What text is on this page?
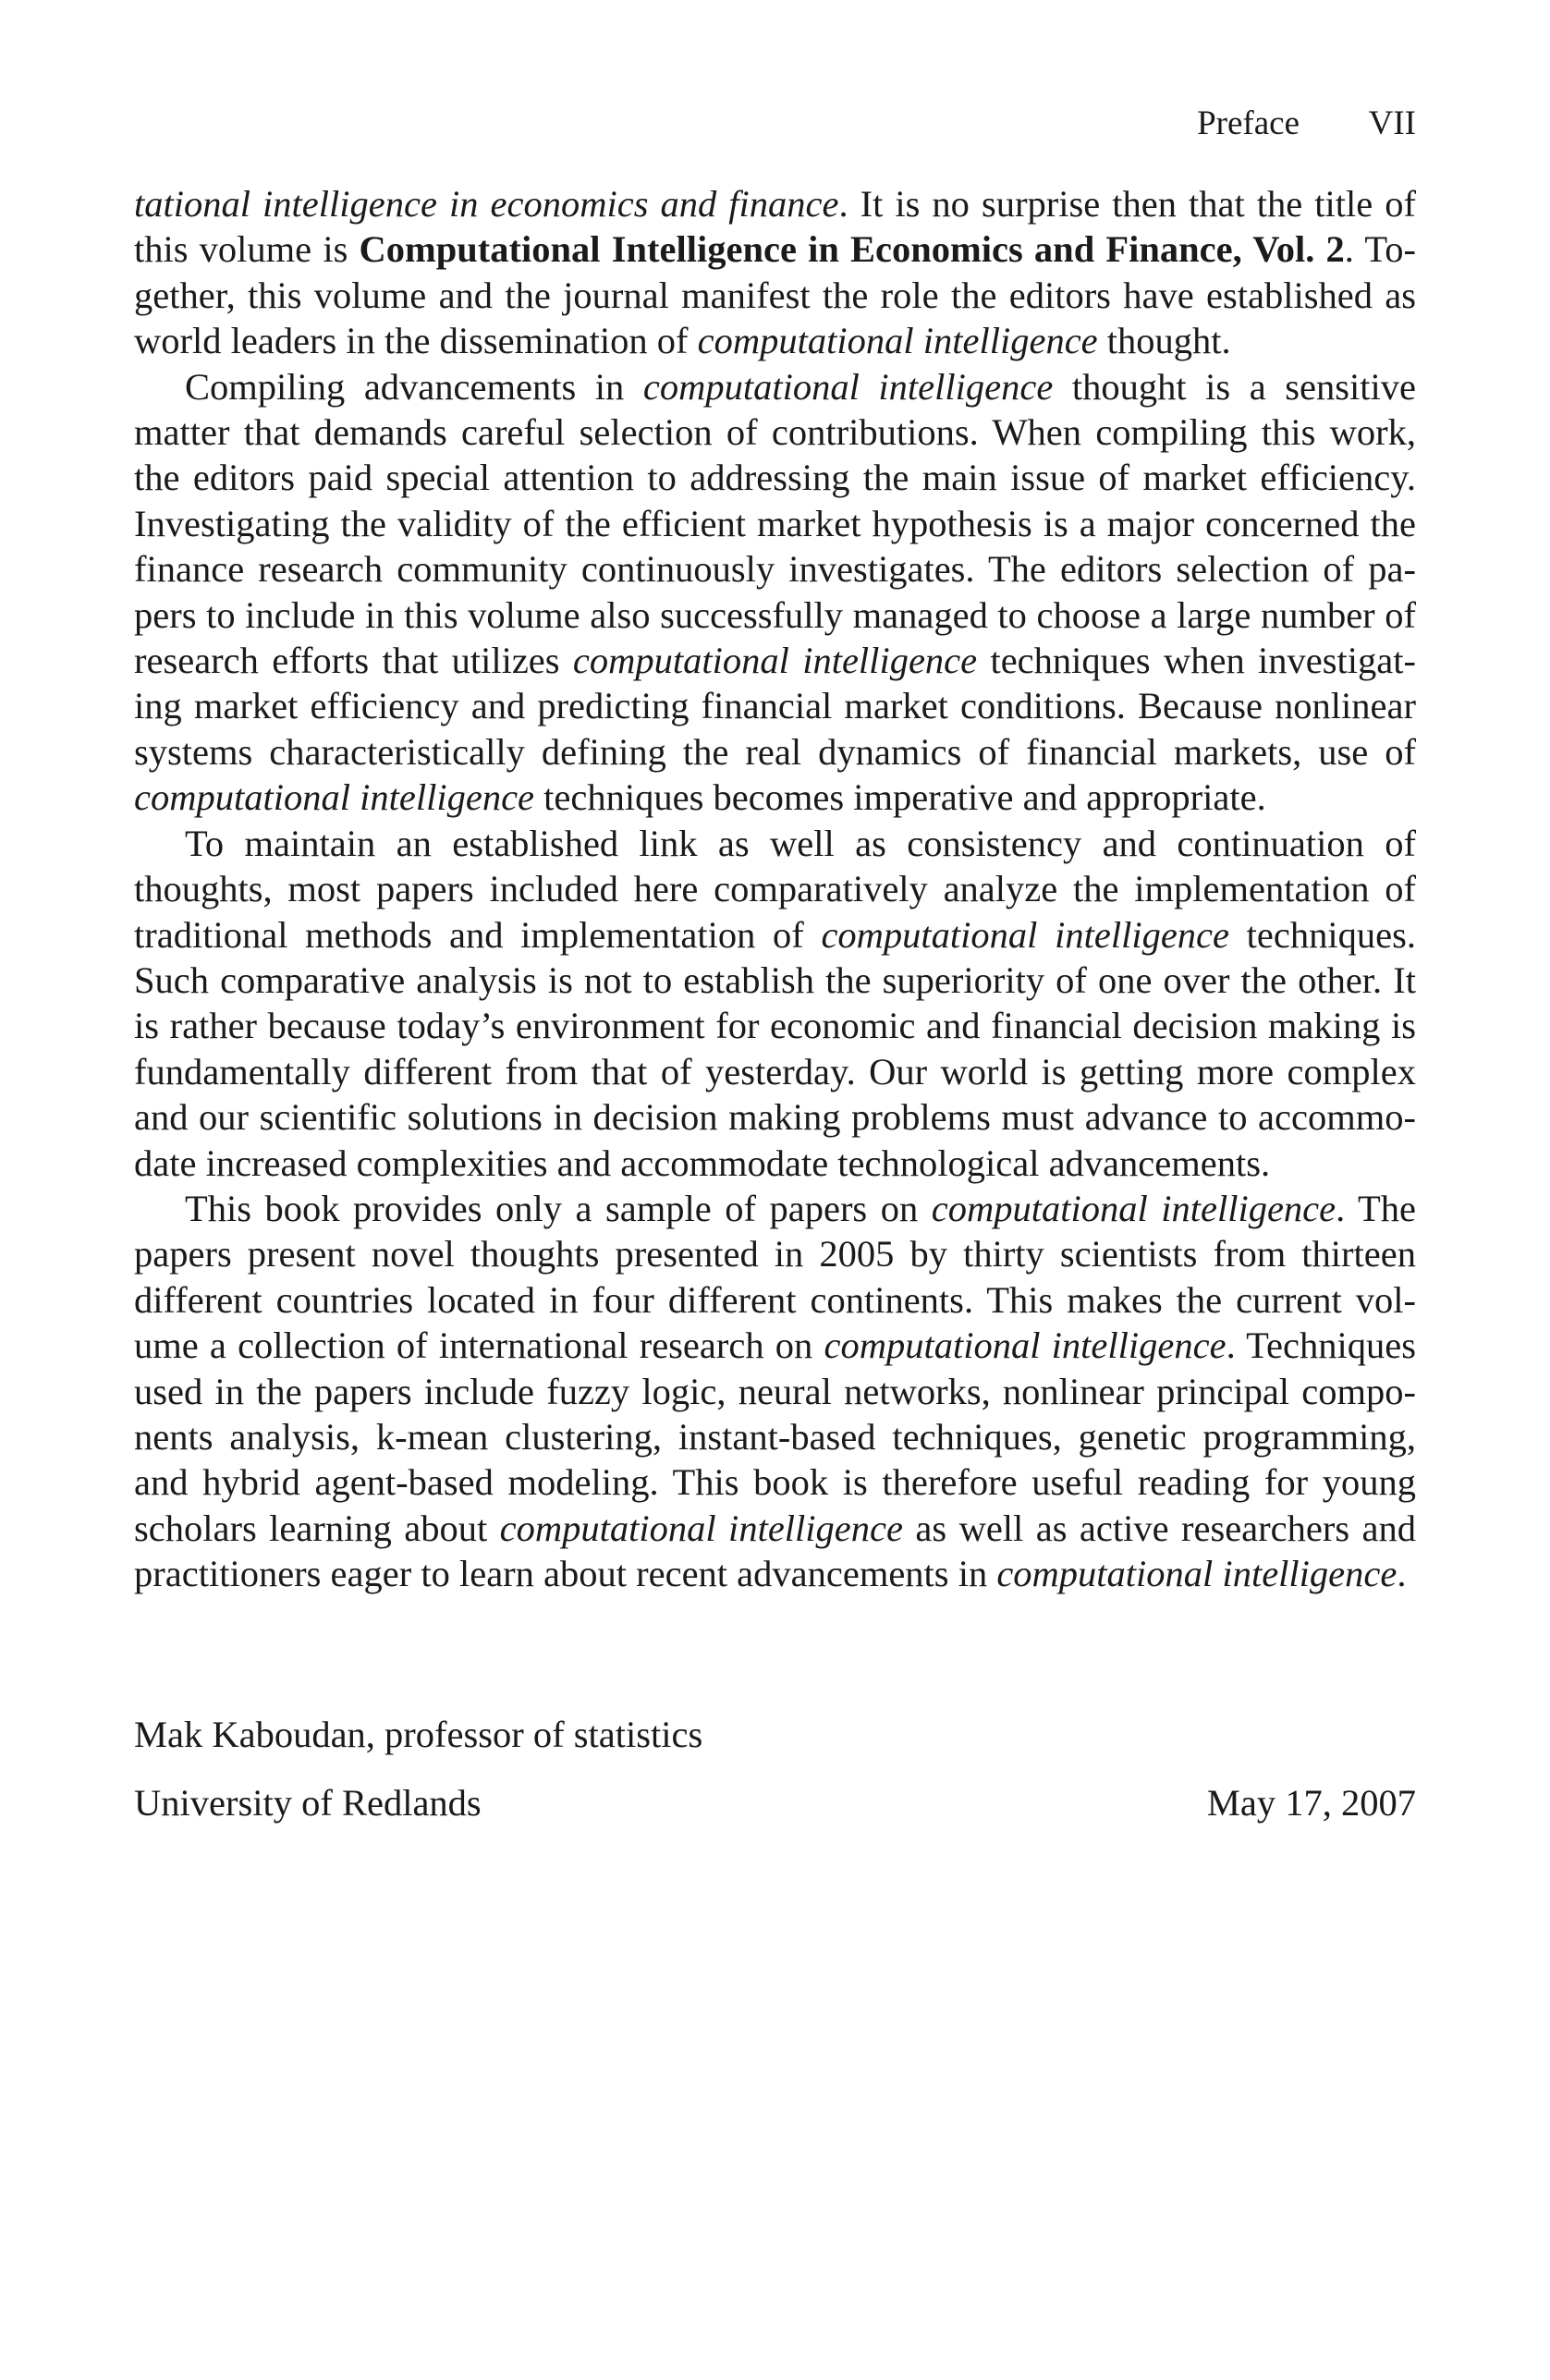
Preface VII

tational intelligence in economics and finance. It is no surprise then that the title of this volume is Computational Intelligence in Economics and Finance, Vol. 2. Together, this volume and the journal manifest the role the editors have established as world leaders in the dissemination of computational intelligence thought.

Compiling advancements in computational intelligence thought is a sensitive matter that demands careful selection of contributions. When compiling this work, the editors paid special attention to addressing the main issue of market efficiency. Investigating the validity of the efficient market hypothesis is a major concerned the finance research community continuously investigates. The editors selection of papers to include in this volume also successfully managed to choose a large number of research efforts that utilizes computational intelligence techniques when investigating market efficiency and predicting financial market conditions. Because nonlinear systems characteristically defining the real dynamics of financial markets, use of computational intelligence techniques becomes imperative and appropriate.

To maintain an established link as well as consistency and continuation of thoughts, most papers included here comparatively analyze the implementation of traditional methods and implementation of computational intelligence techniques. Such comparative analysis is not to establish the superiority of one over the other. It is rather because today’s environment for economic and financial decision making is fundamentally different from that of yesterday. Our world is getting more complex and our scientific solutions in decision making problems must advance to accommodate increased complexities and accommodate technological advancements.

This book provides only a sample of papers on computational intelligence. The papers present novel thoughts presented in 2005 by thirty scientists from thirteen different countries located in four different continents. This makes the current volume a collection of international research on computational intelligence. Techniques used in the papers include fuzzy logic, neural networks, nonlinear principal components analysis, k-mean clustering, instant-based techniques, genetic programming, and hybrid agent-based modeling. This book is therefore useful reading for young scholars learning about computational intelligence as well as active researchers and practitioners eager to learn about recent advancements in computational intelligence.

Mak Kaboudan, professor of statistics
University of Redlands	May 17, 2007
